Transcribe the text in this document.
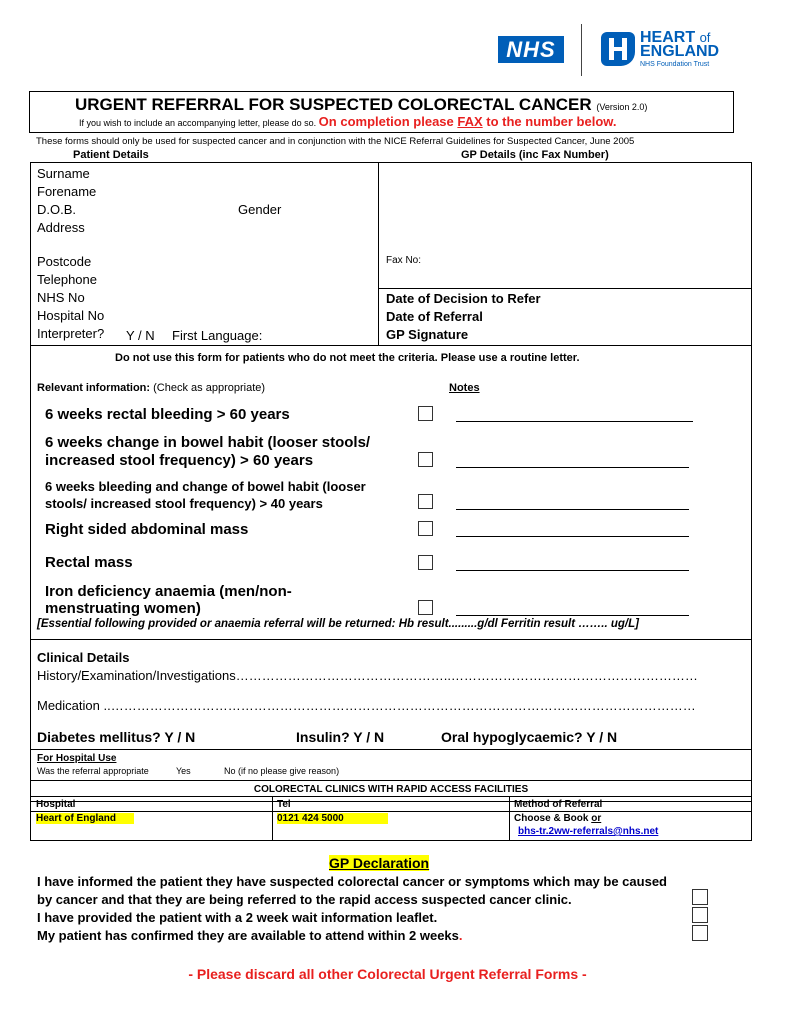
NHS	HEART of
ENGLAND
NHS Foundation Trust
URGENT REFERRAL FOR SUSPECTED COLORECTAL CANCER (Version 2.0)
If you wish to include an accompanying letter, please do so. On completion please FAX to the number below.
These forms should only be used for suspected cancer and in conjunction with the NICE Referral Guidelines for Suspected Cancer, June 2005
Patient Details	GP Details (inc Fax Number)
Surname
Forename
D.O.B.	Gender
Address
Postcode
Telephone
NHS No
Hospital No
Interpreter? Y / N First Language:
Fax No:
Date of Decision to Refer
Date of Referral
GP Signature
Do not use this form for patients who do not meet the criteria. Please use a routine letter.
Relevant information: (Check as appropriate)	Notes
6 weeks rectal bleeding > 60 years
6 weeks change in bowel habit (looser stools/
increased stool frequency) > 60 years
6 weeks bleeding and change of bowel habit (looser
stools/ increased stool frequency) > 40 years
Right sided abdominal mass
Rectal mass
Iron deficiency anaemia (men/non-
menstruating women)
[Essential following provided or anaemia referral will be returned: Hb result.........g/dl Ferritin result …….. ug/L]
Clinical Details
History/Examination/Investigations…………………………………………..…………………………………………………
Medication ..………………………………………………………………………………………………………………………
Diabetes mellitus? Y / N	Insulin? Y / N	Oral hypoglycaemic? Y / N
For Hospital Use
Was the referral appropriate	Yes	No (if no please give reason)
COLORECTAL CLINICS WITH RAPID ACCESS FACILITIES
Hospital	Tel	Method of Referral
Heart of England	0121 424 5000	Choose & Book or
bhs-tr.2ww-referrals@nhs.net
GP Declaration
I have informed the patient they have suspected colorectal cancer or symptoms which may be caused
by cancer and that they are being referred to the rapid access suspected cancer clinic.
I have provided the patient with a 2 week wait information leaflet.
My patient has confirmed they are available to attend within 2 weeks.
- Please discard all other Colorectal Urgent Referral Forms -
